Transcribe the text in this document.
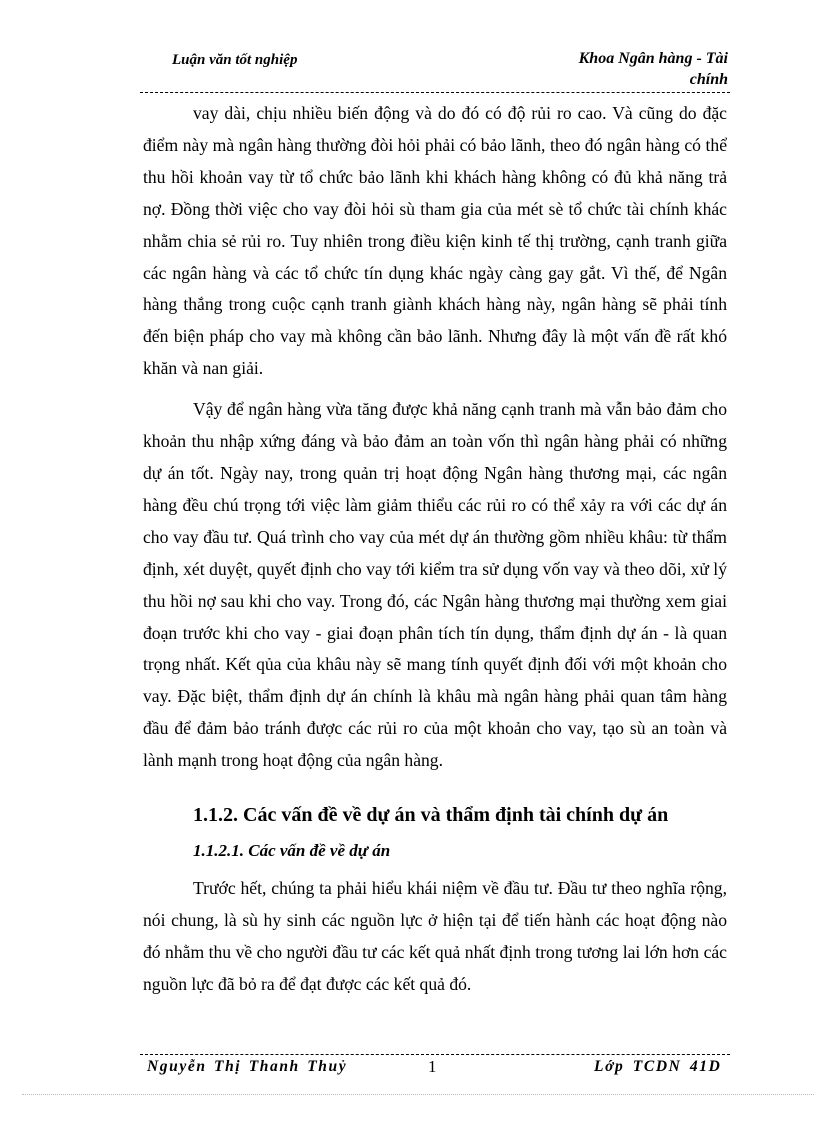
Luận văn tốt nghiệp	Khoa Ngân hàng - Tài chính

vay dài, chịu nhiều biến động và do đó có độ rủi ro cao. Và cũng do đặc điểm này mà ngân hàng thường đòi hỏi phải có bảo lãnh, theo đó ngân hàng có thể thu hồi khoản vay từ tổ chức bảo lãnh khi khách hàng không có đủ khả năng trả nợ. Đồng thời việc cho vay đòi hỏi sù tham gia của mét sè tổ chức tài chính khác nhằm chia sẻ rủi ro. Tuy nhiên trong điều kiện kinh tế thị trường, cạnh tranh giữa các ngân hàng và các tổ chức tín dụng khác ngày càng gay gắt. Vì thế, để Ngân hàng thắng trong cuộc cạnh tranh giành khách hàng này, ngân hàng sẽ phải tính đến biện pháp cho vay mà không cần bảo lãnh. Nhưng đây là một vấn đề rất khó khăn và nan giải.

Vậy để ngân hàng vừa tăng được khả năng cạnh tranh mà vẫn bảo đảm cho khoản thu nhập xứng đáng và bảo đảm an toàn vốn thì ngân hàng phải có những dự án tốt. Ngày nay, trong quản trị hoạt động Ngân hàng thương mại, các ngân hàng đều chú trọng tới việc làm giảm thiểu các rủi ro có thể xảy ra với các dự án cho vay đầu tư. Quá trình cho vay của mét dự án thường gồm nhiều khâu: từ thẩm định, xét duyệt, quyết định cho vay tới kiểm tra sử dụng vốn vay và theo dõi, xử lý thu hồi nợ sau khi cho vay. Trong đó, các Ngân hàng thương mại thường xem giai đoạn trước khi cho vay - giai đoạn phân tích tín dụng, thẩm định dự án - là quan trọng nhất. Kết qủa của khâu này sẽ mang tính quyết định đối với một khoản cho vay. Đặc biệt, thẩm định dự án chính là khâu mà ngân hàng phải quan tâm hàng đầu để đảm bảo tránh được các rủi ro của một khoản cho vay, tạo sù an toàn và lành mạnh trong hoạt động của ngân hàng.

1.1.2. Các vấn đề về dự án và thẩm định tài chính dự án

1.1.2.1. Các vấn đề về dự án

Trước hết, chúng ta phải hiểu khái niệm về đầu tư. Đầu tư theo nghĩa rộng, nói chung, là sù hy sinh các nguồn lực ở hiện tại để tiến hành các hoạt động nào đó nhằm thu về cho người đầu tư các kết quả nhất định trong tương lai lớn hơn các nguồn lực đã bỏ ra để đạt được các kết quả đó.

Nguyễn Thị Thanh Thuỷ	1	Lớp TCDN 41D
